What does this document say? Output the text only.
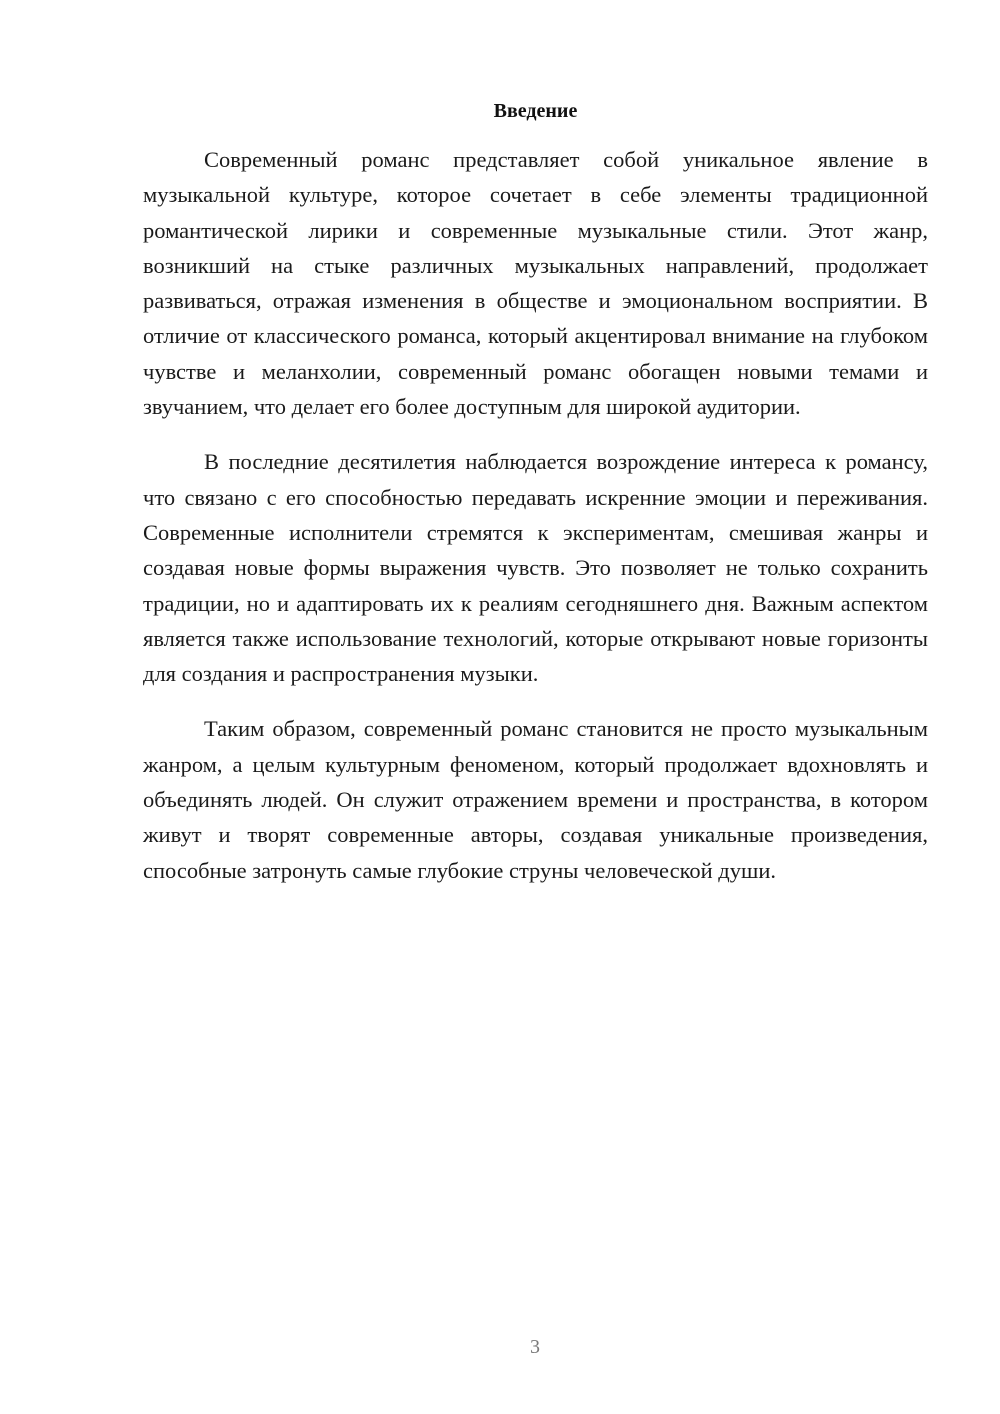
Введение

Современный романс представляет собой уникальное явление в музыкальной культуре, которое сочетает в себе элементы традиционной романтической лирики и современные музыкальные стили. Этот жанр, возникший на стыке различных музыкальных направлений, продолжает развиваться, отражая изменения в обществе и эмоциональном восприятии. В отличие от классического романса, который акцентировал внимание на глубоком чувстве и меланхолии, современный романс обогащен новыми темами и звучанием, что делает его более доступным для широкой аудитории.

В последние десятилетия наблюдается возрождение интереса к романсу, что связано с его способностью передавать искренние эмоции и переживания. Современные исполнители стремятся к экспериментам, смешивая жанры и создавая новые формы выражения чувств. Это позволяет не только сохранить традиции, но и адаптировать их к реалиям сегодняшнего дня. Важным аспектом является также использование технологий, которые открывают новые горизонты для создания и распространения музыки.

Таким образом, современный романс становится не просто музыкальным жанром, а целым культурным феноменом, который продолжает вдохновлять и объединять людей. Он служит отражением времени и пространства, в котором живут и творят современные авторы, создавая уникальные произведения, способные затронуть самые глубокие струны человеческой души.

3
